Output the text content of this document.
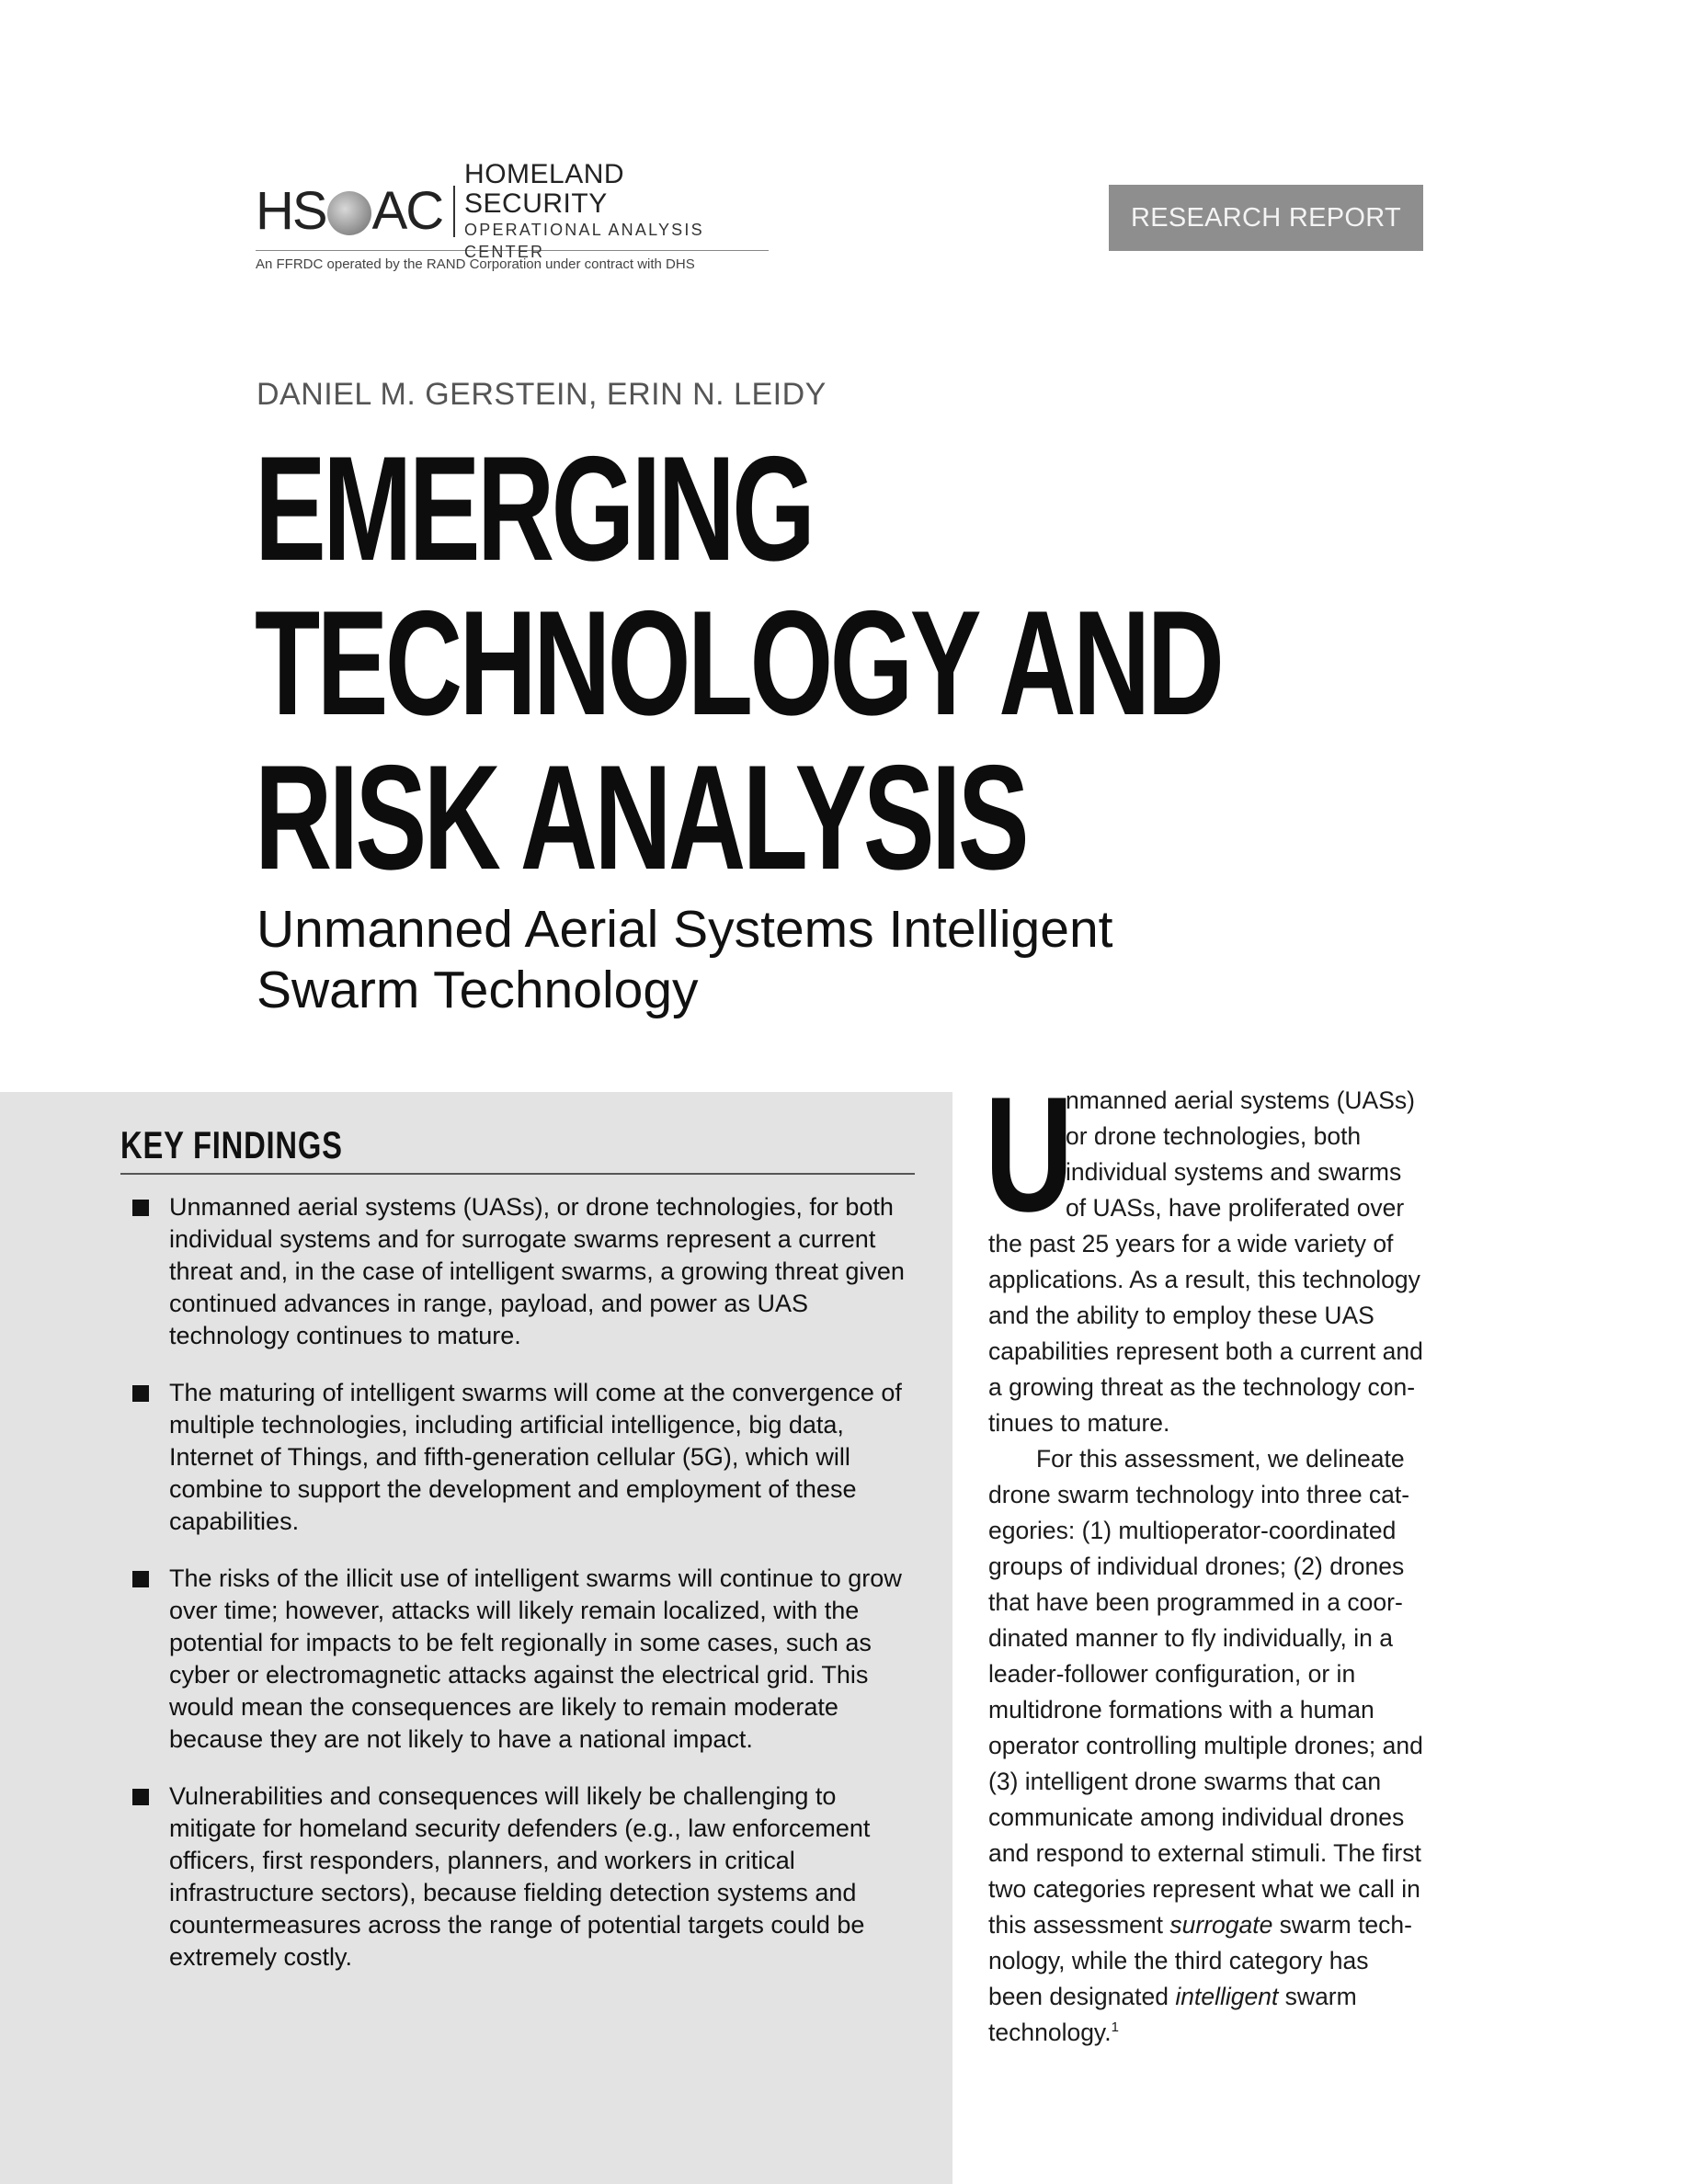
HS AC
HOMELAND SECURITY
OPERATIONAL ANALYSIS CENTER
An FFRDC operated by the RAND Corporation under contract with DHS
RESEARCH REPORT
DANIEL M. GERSTEIN, ERIN N. LEIDY
EMERGING
TECHNOLOGY AND
RISK ANALYSIS
Unmanned Aerial Systems Intelligent
Swarm Technology
KEY FINDINGS
Unmanned aerial systems (UASs), or drone technologies, for both individual systems and for surrogate swarms represent a current threat and, in the case of intelligent swarms, a growing threat given continued advances in range, payload, and power as UAS technology continues to mature.
The maturing of intelligent swarms will come at the convergence of multiple technologies, including artificial intelligence, big data, Internet of Things, and fifth-generation cellular (5G), which will combine to support the development and employment of these capabilities.
The risks of the illicit use of intelligent swarms will continue to grow over time; however, attacks will likely remain localized, with the potential for impacts to be felt regionally in some cases, such as cyber or electromagnetic attacks against the electrical grid. This would mean the consequences are likely to remain moderate because they are not likely to have a national impact.
Vulnerabilities and consequences will likely be challenging to mitigate for homeland security defenders (e.g., law enforcement officers, first responders, planners, and workers in critical infrastructure sectors), because fielding detection systems and countermeasures across the range of potential targets could be extremely costly.

U
nmanned aerial systems (UASs) or drone technologies, both individual systems and swarms of UASs, have proliferated over the past 25 years for a wide variety of applications. As a result, this technology and the ability to employ these UAS capabilities represent both a current and a growing threat as the technology continues to mature.

For this assessment, we delineate drone swarm technology into three categories: (1) multioperator-coordinated groups of individual drones; (2) drones that have been programmed in a coordinated manner to fly individually, in a leader-follower configuration, or in multidrone formations with a human operator controlling multiple drones; and (3) intelligent drone swarms that can communicate among individual drones and respond to external stimuli. The first two categories represent what we call in this assessment surrogate swarm technology, while the third category has been designated intelligent swarm technology.$^1$
